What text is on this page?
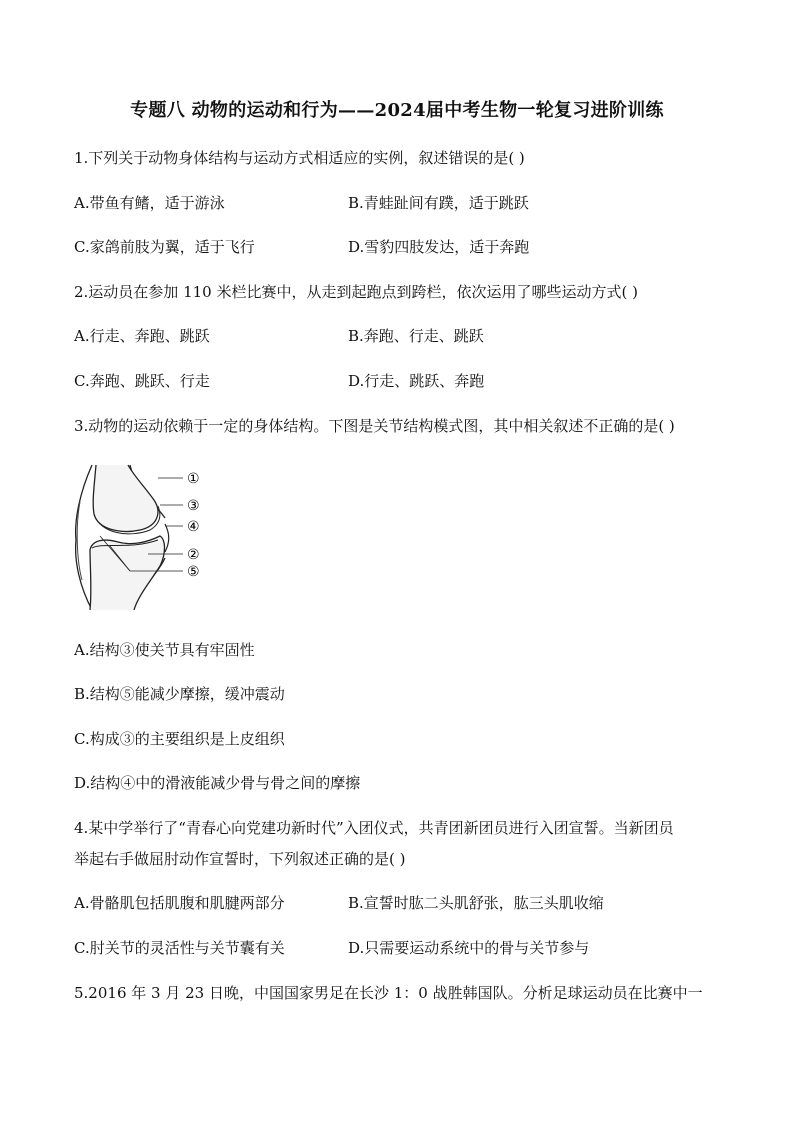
专题八 动物的运动和行为——2024届中考生物一轮复习进阶训练
1.下列关于动物身体结构与运动方式相适应的实例，叙述错误的是( )
A.带鱼有鳍，适于游泳	B.青蛙趾间有蹼，适于跳跃
C.家鸽前肢为翼，适于飞行	D.雪豹四肢发达，适于奔跑
2.运动员在参加 110 米栏比赛中，从走到起跑点到跨栏，依次运用了哪些运动方式( )
A.行走、奔跑、跳跃	B.奔跑、行走、跳跃
C.奔跑、跳跃、行走	D.行走、跳跃、奔跑
3.动物的运动依赖于一定的身体结构。下图是关节结构模式图，其中相关叙述不正确的是( )
①
③
④
②
⑤
A.结构③使关节具有牢固性
B.结构⑤能减少摩擦，缓冲震动
C.构成③的主要组织是上皮组织
D.结构④中的滑液能减少骨与骨之间的摩擦
4.某中学举行了“青春心向党建功新时代”入团仪式，共青团新团员进行入团宣誓。当新团员
举起右手做屈肘动作宣誓时，下列叙述正确的是( )
A.骨骼肌包括肌腹和肌腱两部分	B.宣誓时肱二头肌舒张，肱三头肌收缩
C.肘关节的灵活性与关节囊有关	D.只需要运动系统中的骨与关节参与
5.2016 年 3 月 23 日晚，中国国家男足在长沙 1：0 战胜韩国队。分析足球运动员在比赛中一
